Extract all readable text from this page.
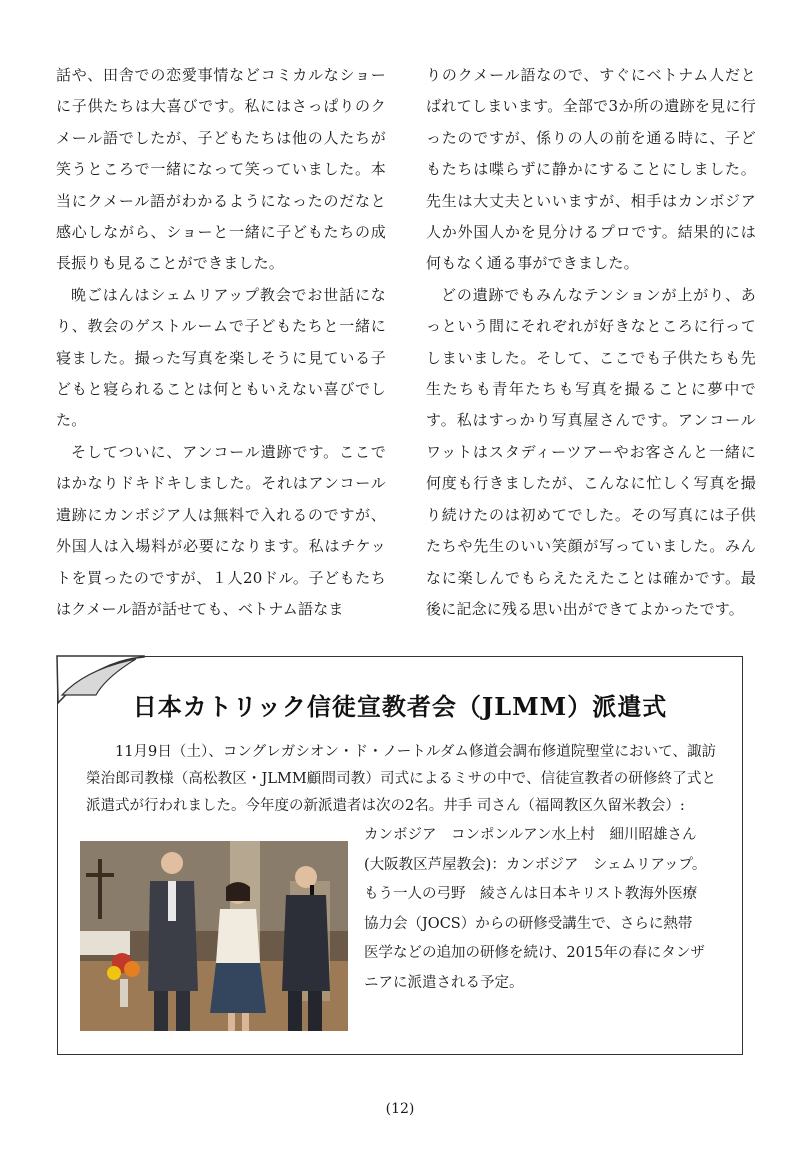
話や、田舎での恋愛事情などコミカルなショーに子供たちは大喜びです。私にはさっぱりのクメール語でしたが、子どもたちは他の人たちが笑うところで一緒になって笑っていました。本当にクメール語がわかるようになったのだなと感心しながら、ショーと一緒に子どもたちの成長振りも見ることができました。

晩ごはんはシェムリアップ教会でお世話になり、教会のゲストルームで子どもたちと一緒に寝ました。撮った写真を楽しそうに見ている子どもと寝られることは何ともいえない喜びでした。

そしてついに、アンコール遺跡です。ここではかなりドキドキしました。それはアンコール遺跡にカンボジア人は無料で入れるのですが、外国人は入場料が必要になります。私はチケットを買ったのですが、１人20ドル。子どもたちはクメール語が話せても、ベトナム語なま

りのクメール語なので、すぐにベトナム人だとばれてしまいます。全部で3か所の遺跡を見に行ったのですが、係りの人の前を通る時に、子どもたちは喋らずに静かにすることにしました。先生は大丈夫といいますが、相手はカンボジア人か外国人かを見分けるプロです。結果的には何もなく通る事ができました。

どの遺跡でもみんなテンションが上がり、あっという間にそれぞれが好きなところに行ってしまいました。そして、ここでも子供たちも先生たちも青年たちも写真を撮ることに夢中です。私はすっかり写真屋さんです。アンコールワットはスタディーツアーやお客さんと一緒に何度も行きましたが、こんなに忙しく写真を撮り続けたのは初めてでした。その写真には子供たちや先生のいい笑顔が写っていました。みんなに楽しんでもらえたえたことは確かです。最後に記念に残る思い出ができてよかったです。

日本カトリック信徒宣教者会（JLMM）派遣式

11月9日（土）、コングレガシオン・ド・ノートルダム修道会調布修道院聖堂において、諏訪榮治郎司教様（高松教区・JLMM顧問司教）司式によるミサの中で、信徒宣教者の研修終了式と派遣式が行われました。今年度の新派遣者は次の2名。井手 司さん（福岡教区久留米教会）:

カンボジア　コンポンルアン水上村　細川昭雄さん
(大阪教区芦屋教会)：カンボジア　シェムリアップ。
もう一人の弓野　綾さんは日本キリスト教海外医療
協力会（JOCS）からの研修受講生で、さらに熱帯
医学などの追加の研修を続け、2015年の春にタンザ
ニアに派遣される予定。
(12)
